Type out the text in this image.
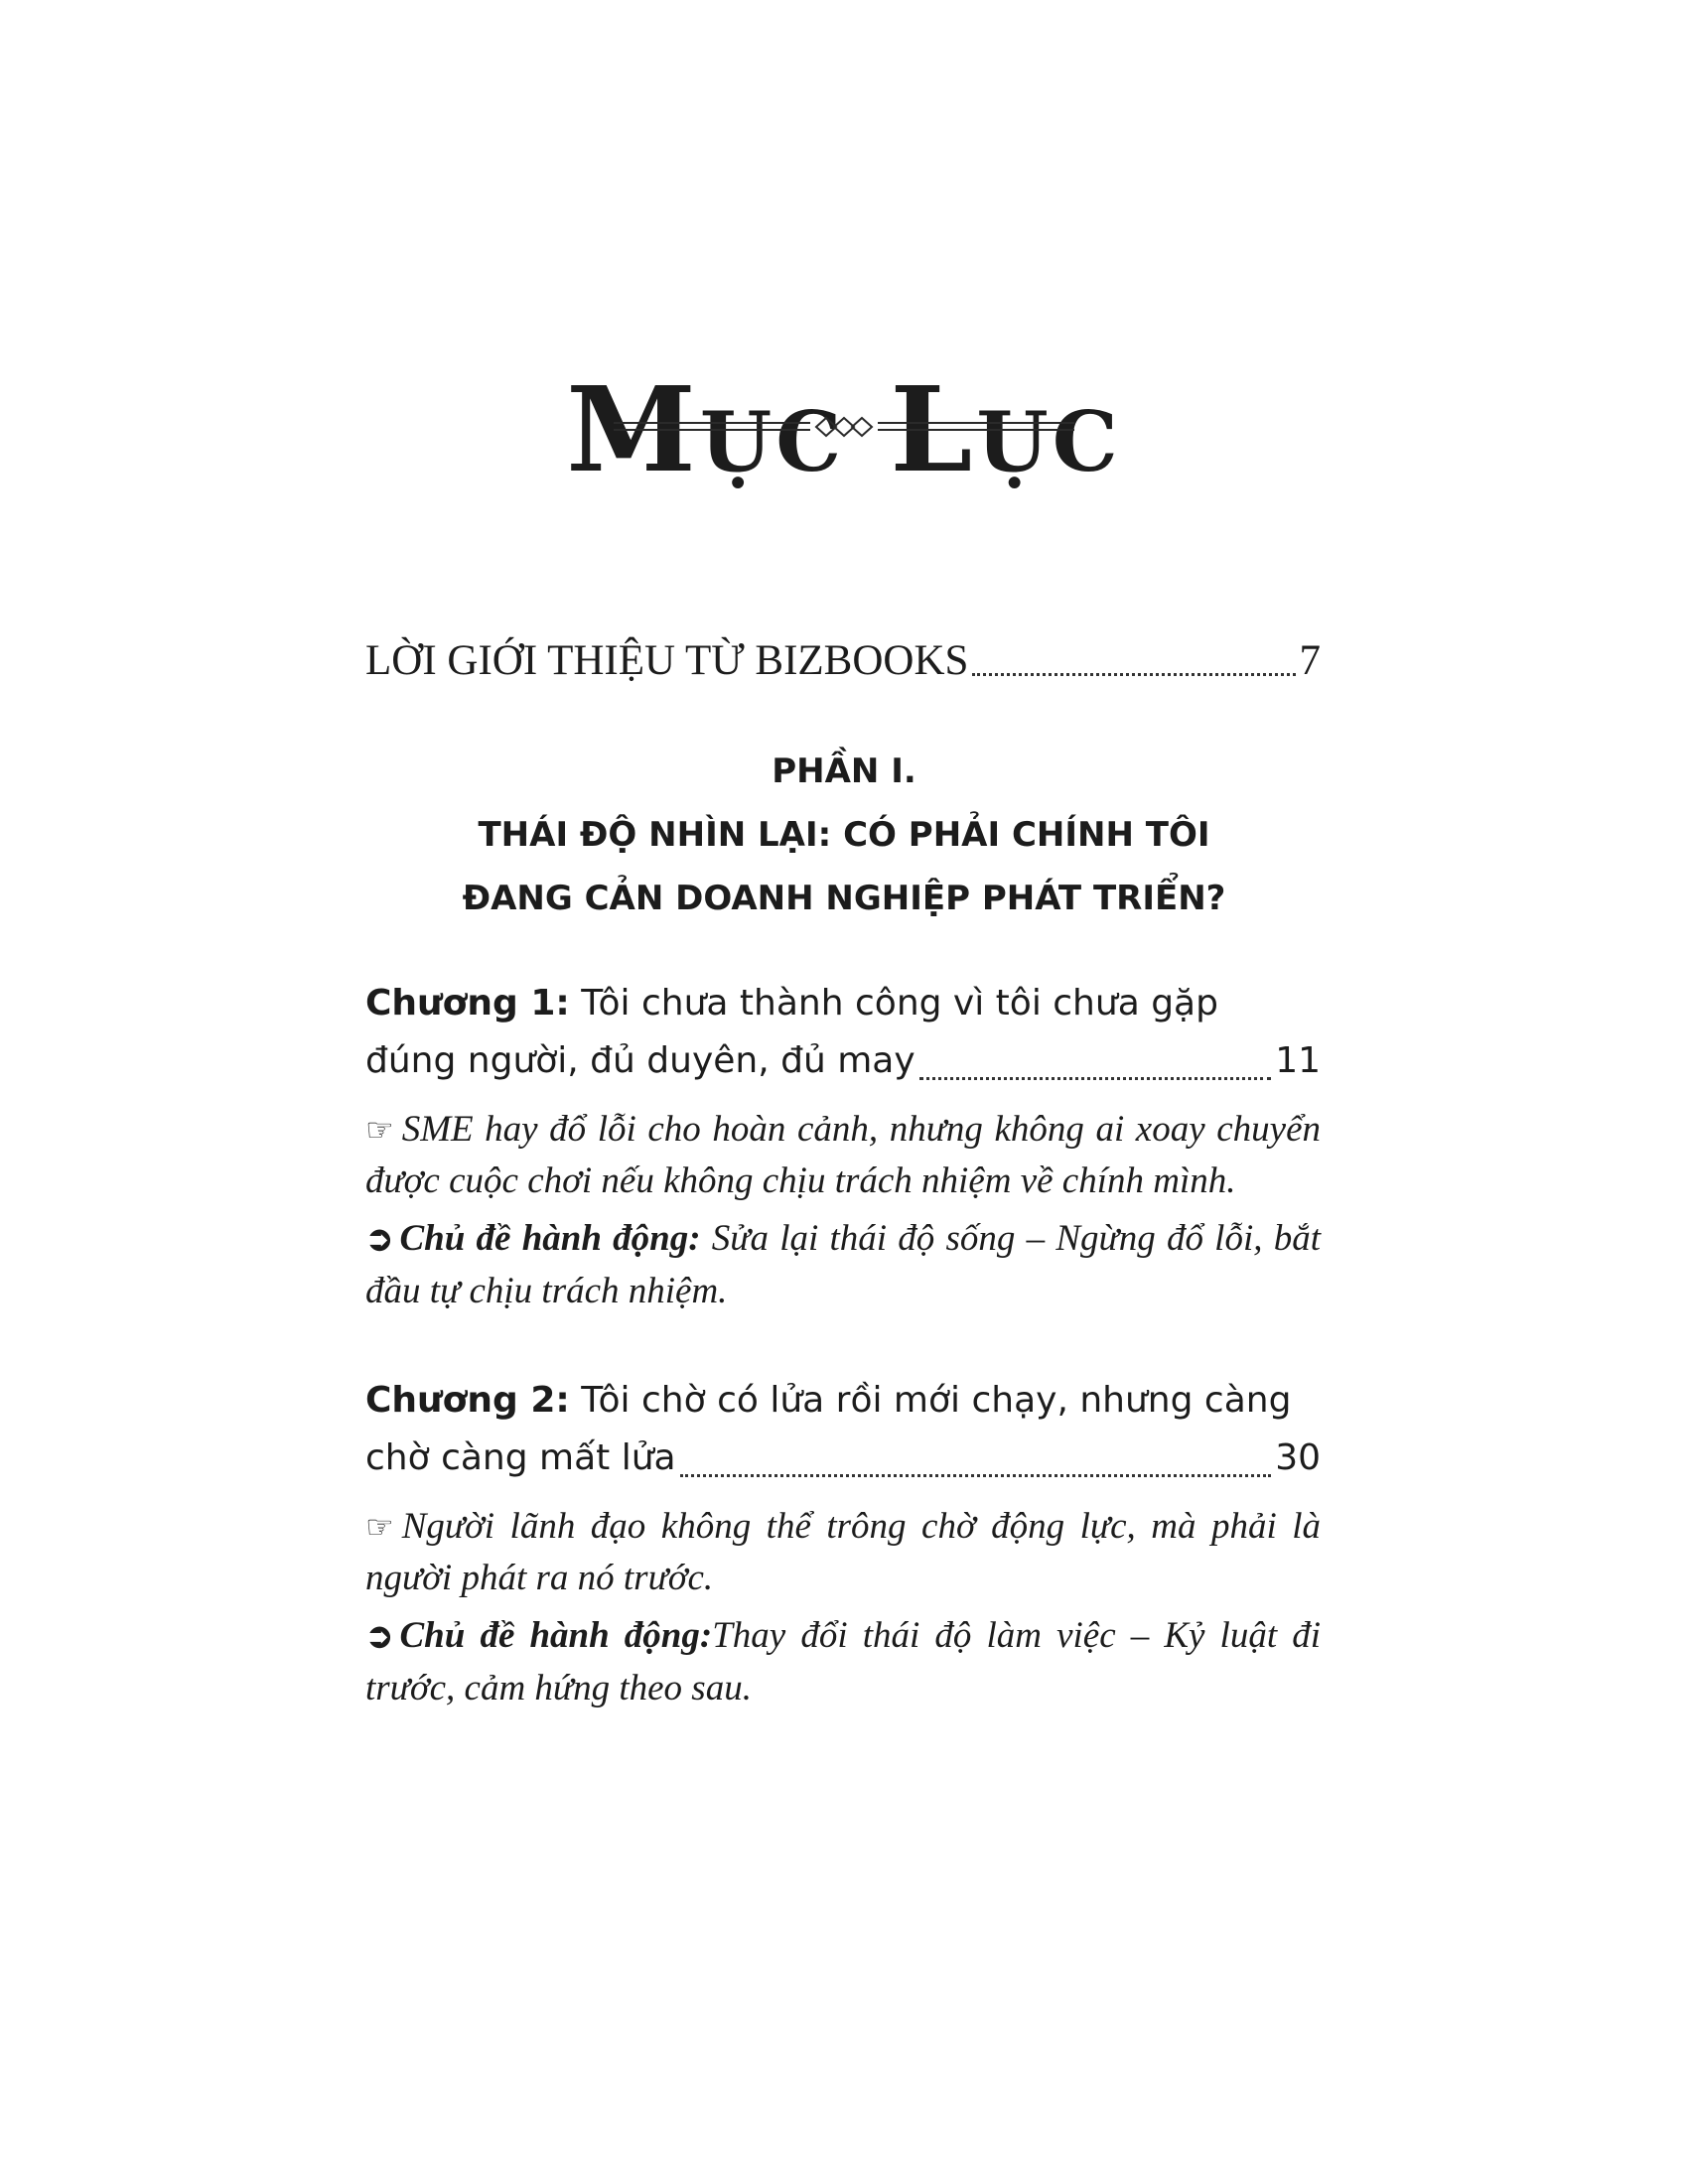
Mục Lục
LỜI GIỚI THIỆU TỪ BIZBOOKS	7
PHẦN I.
THÁI ĐỘ NHÌN LẠI: CÓ PHẢI CHÍNH TÔI
ĐANG CẢN DOANH NGHIỆP PHÁT TRIỂN?
Chương 1: Tôi chưa thành công vì tôi chưa gặp
đúng người, đủ duyên, đủ may	11
☞ SME hay đổ lỗi cho hoàn cảnh, nhưng không ai xoay chuyển được cuộc chơi nếu không chịu trách nhiệm về chính mình.
➲ Chủ đề hành động: Sửa lại thái độ sống – Ngừng đổ lỗi, bắt đầu tự chịu trách nhiệm.
Chương 2: Tôi chờ có lửa rồi mới chạy, nhưng càng
chờ càng mất lửa	30
☞ Người lãnh đạo không thể trông chờ động lực, mà phải là người phát ra nó trước.
➲ Chủ đề hành động:Thay đổi thái độ làm việc – Kỷ luật đi trước, cảm hứng theo sau.
